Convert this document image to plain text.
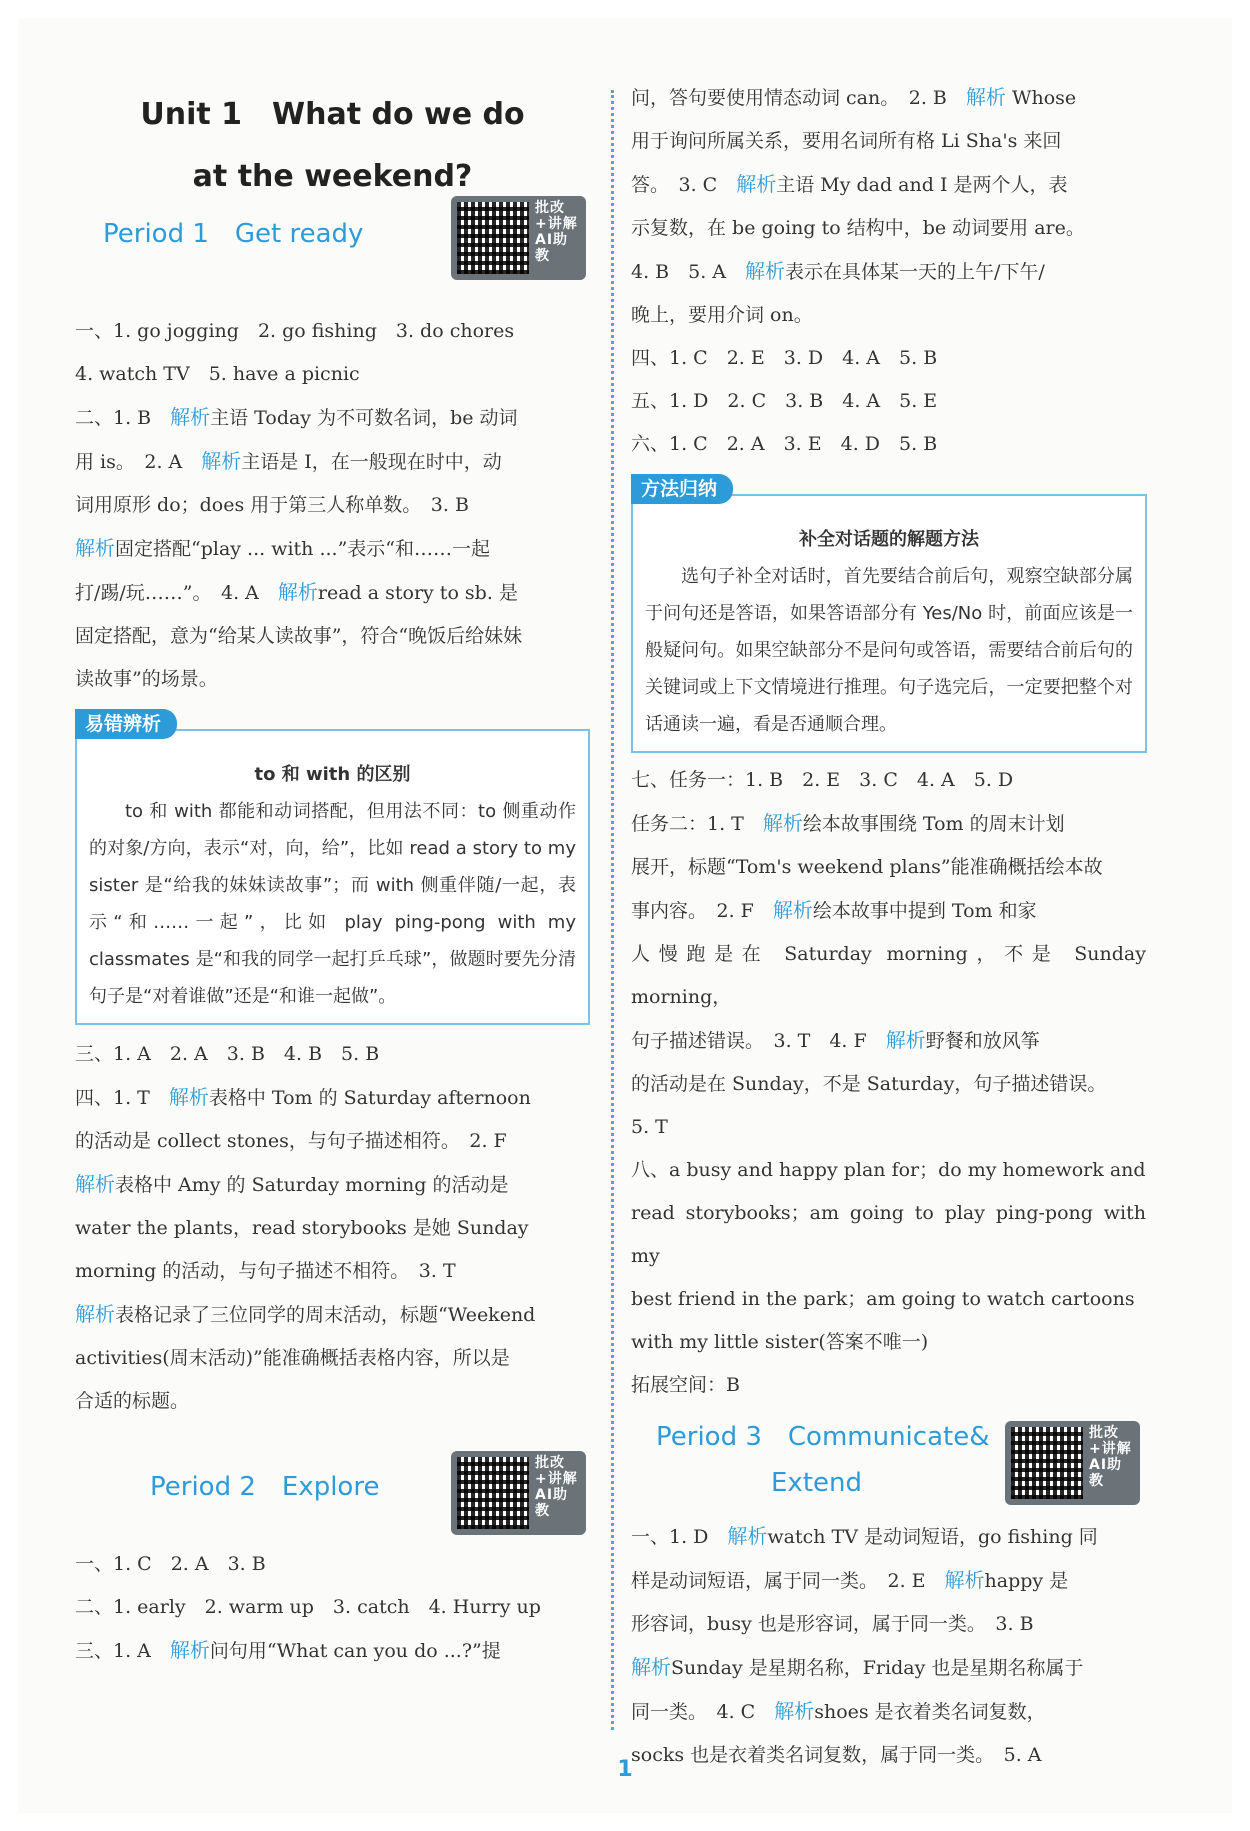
Unit 1　What do we do
at the weekend?
Period 1　Get ready
批改+讲解 AI助教

一、1. go jogging　2. go fishing　3. do chores

4. watch TV　5. have a picnic

二、1. B　解析主语 Today 为不可数名词，be 动词

用 is。　2. A　解析主语是 I，在一般现在时中，动

词用原形 do；does 用于第三人称单数。　3. B

解析固定搭配“play ... with ...”表示“和……一起

打/踢/玩……”。　4. A　解析read a story to sb. 是

固定搭配，意为“给某人读故事”，符合“晚饭后给妹妹

读故事”的场景。

易错辨析
to 和 with 的区别

to 和 with 都能和动词搭配，但用法不同：to 侧重动作的对象/方向，表示“对，向，给”，比如 read a story to my sister 是“给我的妹妹读故事”；而 with 侧重伴随/一起，表示“和……一起”，比如 play ping-pong with my classmates 是“和我的同学一起打乒乓球”，做题时要先分清句子是“对着谁做”还是“和谁一起做”。

三、1. A　2. A　3. B　4. B　5. B

四、1. T　解析表格中 Tom 的 Saturday afternoon

的活动是 collect stones，与句子描述相符。　2. F

解析表格中 Amy 的 Saturday morning 的活动是

water the plants，read storybooks 是她 Sunday

morning 的活动，与句子描述不相符。　3. T

解析表格记录了三位同学的周末活动，标题“Weekend

activities(周末活动)”能准确概括表格内容，所以是

合适的标题。

Period 2　Explore
批改+讲解 AI助教

一、1. C　2. A　3. B

二、1. early　2. warm up　3. catch　4. Hurry up

三、1. A　解析问句用“What can you do ...?”提

问，答句要使用情态动词 can。　2. B　解析 Whose

用于询问所属关系，要用名词所有格 Li Sha's 来回

答。　3. C　解析主语 My dad and I 是两个人，表

示复数，在 be going to 结构中，be 动词要用 are。

4. B　5. A　解析表示在具体某一天的上午/下午/

晚上，要用介词 on。

四、1. C　2. E　3. D　4. A　5. B

五、1. D　2. C　3. B　4. A　5. E

六、1. C　2. A　3. E　4. D　5. B

方法归纳
补全对话题的解题方法

选句子补全对话时，首先要结合前后句，观察空缺部分属于问句还是答语，如果答语部分有 Yes/No 时，前面应该是一般疑问句。如果空缺部分不是问句或答语，需要结合前后句的关键词或上下文情境进行推理。句子选完后，一定要把整个对话通读一遍，看是否通顺合理。

七、任务一：1. B　2. E　3. C　4. A　5. D

任务二：1. T　解析绘本故事围绕 Tom 的周末计划

展开，标题“Tom's weekend plans”能准确概括绘本故

事内容。　2. F　解析绘本故事中提到 Tom 和家

人慢跑是在 Saturday morning，不是 Sunday morning，

句子描述错误。　3. T　4. F　解析野餐和放风筝

的活动是在 Sunday，不是 Saturday，句子描述错误。

5. T

八、a busy and happy plan for；do my homework and

read storybooks；am going to play ping-pong with my

best friend in the park；am going to watch cartoons

with my little sister(答案不唯一)

拓展空间：B

Period 3　Communicate&
Extend
批改+讲解 AI助教

一、1. D　解析watch TV 是动词短语，go fishing 同

样是动词短语，属于同一类。　2. E　解析happy 是

形容词，busy 也是形容词，属于同一类。　3. B

解析Sunday 是星期名称，Friday 也是星期名称属于

同一类。　4. C　解析shoes 是衣着类名词复数，

socks 也是衣着类名词复数，属于同一类。　5. A

1
